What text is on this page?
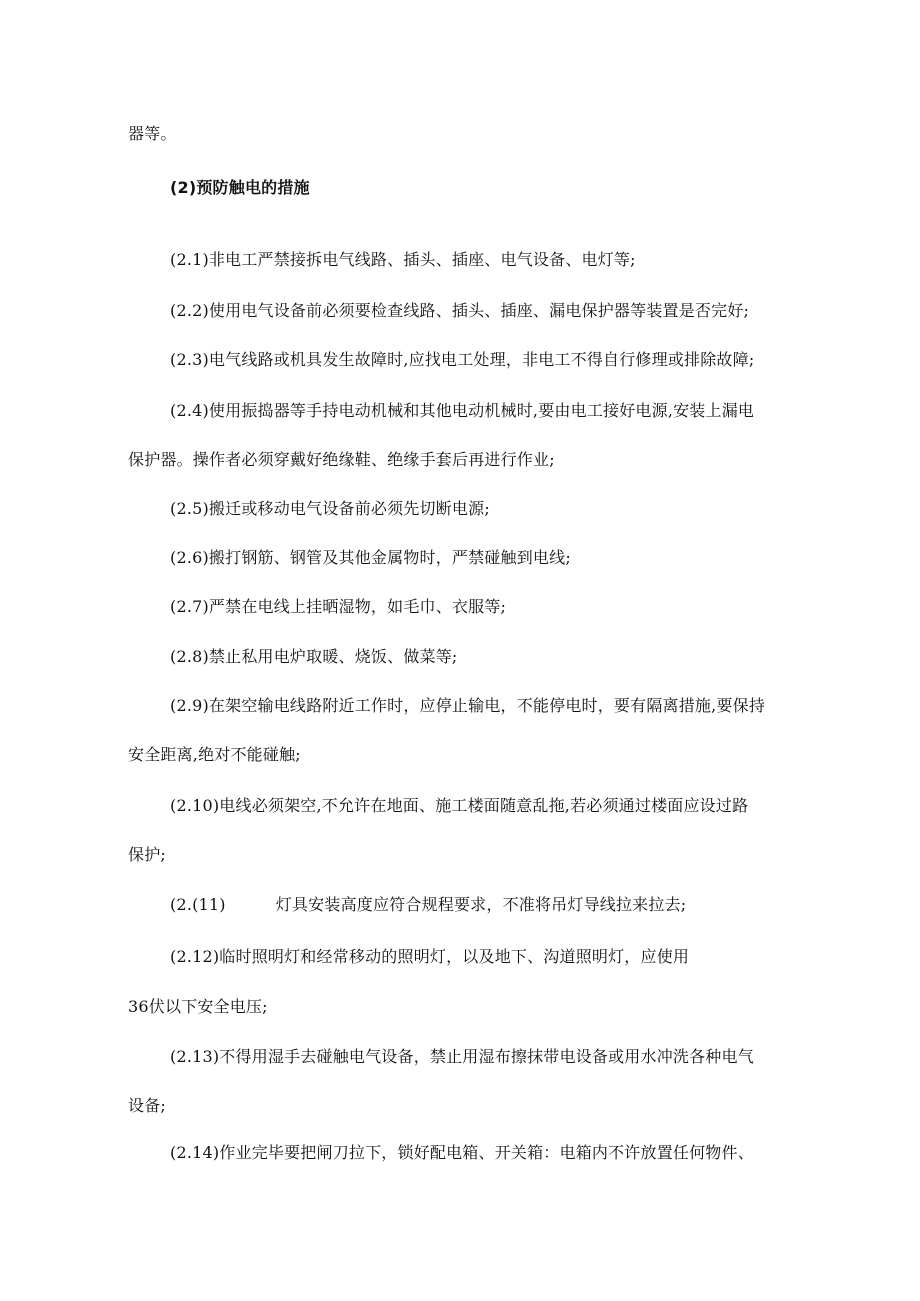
器等。
(2)预防触电的措施
(2.1)非电工严禁接拆电气线路、插头、插座、电气设备、电灯等;
(2.2)使用电气设备前必须要检查线路、插头、插座、漏电保护器等装置是否完好;
(2.3)电气线路或机具发生故障时,应找电工处理，非电工不得自行修理或排除故障;
(2.4)使用振捣器等手持电动机械和其他电动机械时,要由电工接好电源,安装上漏电
保护器。操作者必须穿戴好绝缘鞋、绝缘手套后再进行作业;
(2.5)搬迁或移动电气设备前必须先切断电源;
(2.6)搬打钢筋、钢管及其他金属物时，严禁碰触到电线;
(2.7)严禁在电线上挂晒湿物，如毛巾、衣服等;
(2.8)禁止私用电炉取暖、烧饭、做菜等;
(2.9)在架空输电线路附近工作时，应停止输电，不能停电时，要有隔离措施,要保持
安全距离,绝对不能碰触;
(2.10)电线必须架空,不允许在地面、施工楼面随意乱拖,若必须通过楼面应设过路
保护;
(2.(11)	灯具安装高度应符合规程要求，不准将吊灯导线拉来拉去;
(2.12)临时照明灯和经常移动的照明灯，以及地下、沟道照明灯，应使用
36伏以下安全电压;
(2.13)不得用湿手去碰触电气设备，禁止用湿布擦抹带电设备或用水冲洗各种电气
设备;
(2.14)作业完毕要把闸刀拉下，锁好配电箱、开关箱：电箱内不许放置任何物件、
